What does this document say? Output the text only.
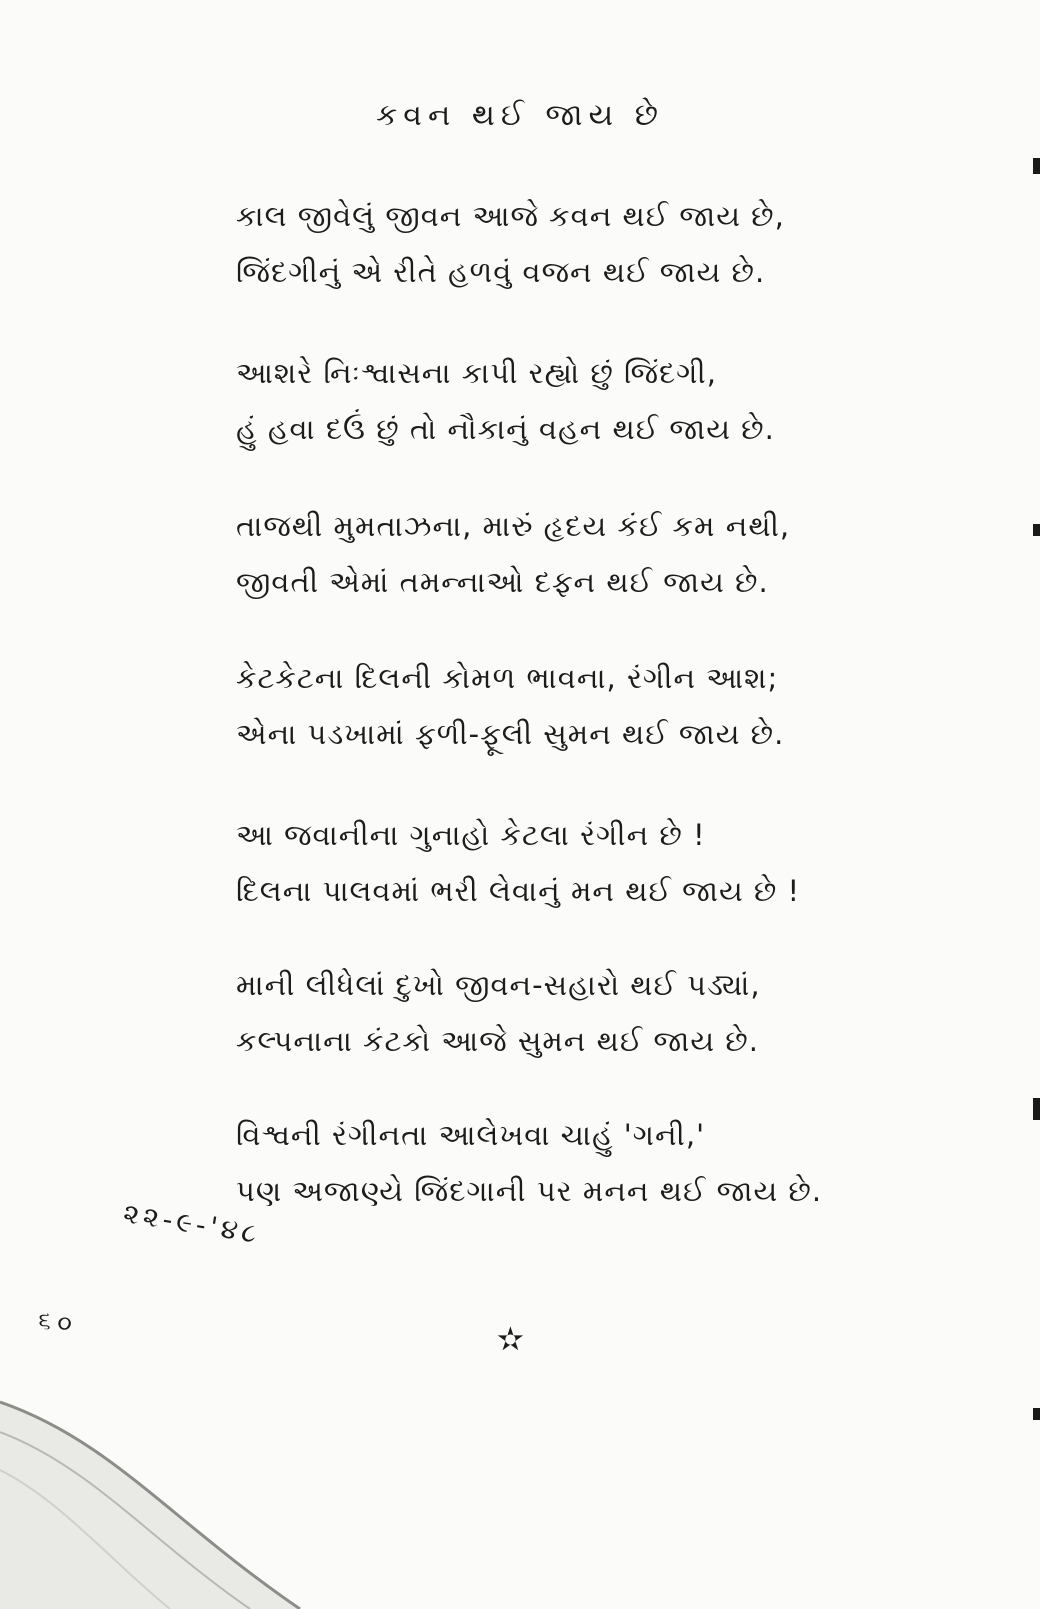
કવન થઈ જાય છે
કાલ જીવેલું જીવન આજે કવન થઈ જાય છે,
જિંદગીનું એ રીતે હળવું વજન થઈ જાય છે.
આશરે નિઃશ્વાસના કાપી રહ્યો છું જિંદગી,
હું હવા દઉં છું તો નૌકાનું વહન થઈ જાય છે.
તાજથી મુમતાઝના, મારું હૃદય કંઈ કમ નથી,
જીવતી એમાં તમન્નાઓ દફન થઈ જાય છે.
કેટકેટના દિલની કોમળ ભાવના, રંગીન આશ;
એના પડખામાં ફળી-ફૂલી સુમન થઈ જાય છે.
આ જવાનીના ગુનાહો કેટલા રંગીન છે !
દિલના પાલવમાં ભરી લેવાનું મન થઈ જાય છે !
માની લીધેલાં દુખો જીવન-સહારો થઈ પડ્યાં,
કલ્પનાના કંટકો આજે સુમન થઈ જાય છે.
વિશ્વની રંગીનતા આલેખવા ચાહું 'ગની,'
પણ અજાણ્યે જિંદગાની પર મનન થઈ જાય છે.
૨૨-૯-'૪૮
૬૦	✫
